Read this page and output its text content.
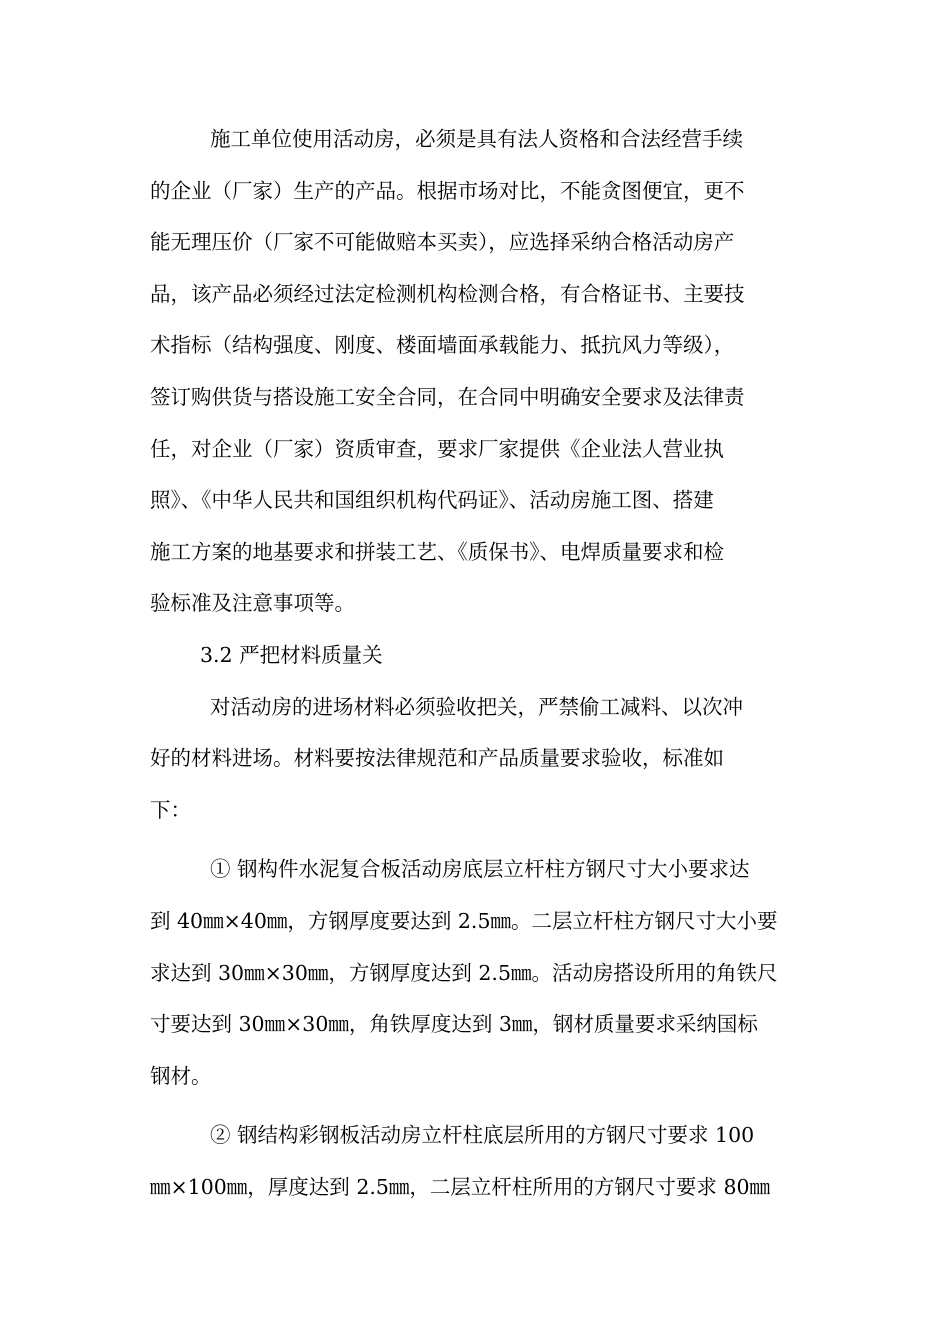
施工单位使用活动房，必须是具有法人资格和合法经营手续
的企业（厂家）生产的产品。根据市场对比，不能贪图便宜，更不
能无理压价（厂家不可能做赔本买卖），应选择采纳合格活动房产
品，该产品必须经过法定检测机构检测合格，有合格证书、主要技
术指标（结构强度、刚度、楼面墙面承载能力、抵抗风力等级），
签订购供货与搭设施工安全合同，在合同中明确安全要求及法律责
任，对企业（厂家）资质审查，要求厂家提供《企业法人营业执
照》、《中华人民共和国组织机构代码证》、活动房施工图、搭建
施工方案的地基要求和拼装工艺、《质保书》、电焊质量要求和检
验标准及注意事项等。
3.2 严把材料质量关
对活动房的进场材料必须验收把关，严禁偷工减料、以次冲
好的材料进场。材料要按法律规范和产品质量要求验收，标准如
下：
① 钢构件水泥复合板活动房底层立杆柱方钢尺寸大小要求达
到 40㎜×40㎜，方钢厚度要达到 2.5㎜。二层立杆柱方钢尺寸大小要
求达到 30㎜×30㎜，方钢厚度达到 2.5㎜。活动房搭设所用的角铁尺
寸要达到 30㎜×30㎜，角铁厚度达到 3㎜，钢材质量要求采纳国标
钢材。
② 钢结构彩钢板活动房立杆柱底层所用的方钢尺寸要求 100
㎜×100㎜，厚度达到 2.5㎜，二层立杆柱所用的方钢尺寸要求 80㎜
